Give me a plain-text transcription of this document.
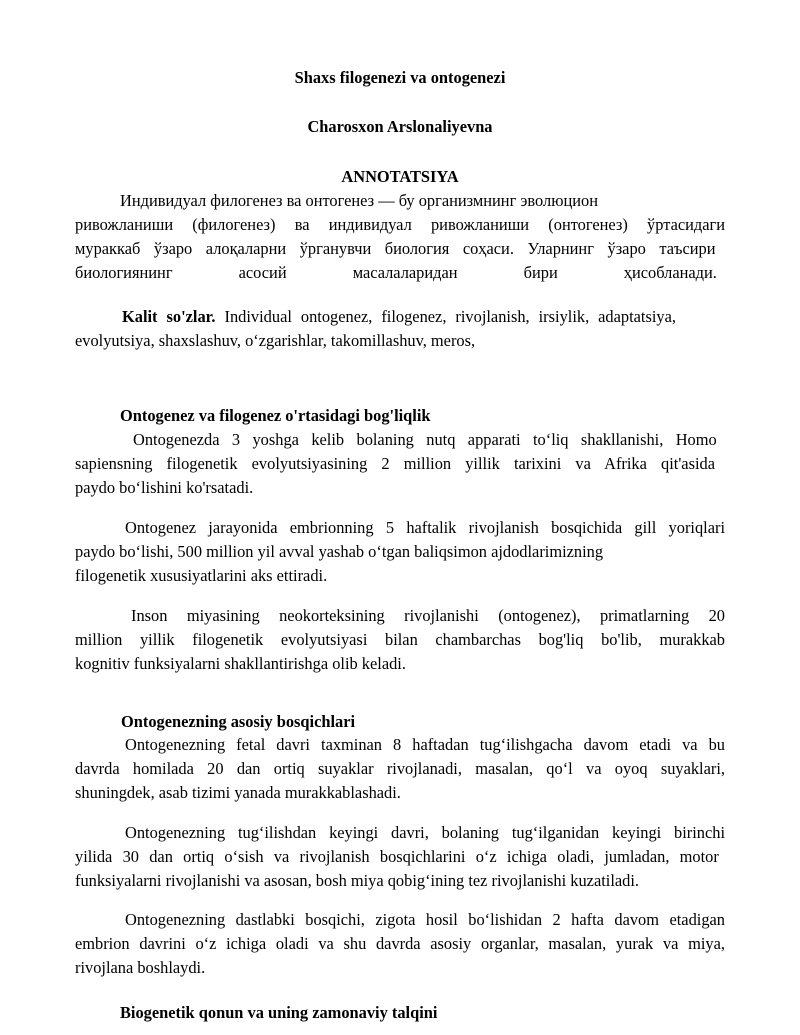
Shaxs filogenezi va ontogenezi
Charosxon Arslonaliyevna
ANNOTATSIYA
Индивидуал филогенез ва онтогенез — бу организмнинг эволюцион
ривожланиши (филогенез) ва индивидуал ривожланиши (онтогенез) ўртасидаги
мураккаб ўзаро алоқаларни ўрганувчи биология соҳаси. Уларнинг ўзаро таъсири
биологиянинг асосий масалаларидан бири ҳисобланади.
Kalit so'zlar. Individual ontogenez, filogenez, rivojlanish, irsiylik, adaptatsiya,
evolyutsiya, shaxslashuv, o‘zgarishlar, takomillashuv, meros,
Ontogenez va filogenez o'rtasidagi bog'liqlik
Ontogenezda 3 yoshga kelib bolaning nutq apparati to‘liq shakllanishi, Homo
sapiensning filogenetik evolyutsiyasining 2 million yillik tarixini va Afrika qit'asida
paydo bo‘lishini ko'rsatadi.
Ontogenez jarayonida embrionning 5 haftalik rivojlanish bosqichida gill yoriqlari
paydo bo‘lishi, 500 million yil avval yashab o‘tgan baliqsimon ajdodlarimizning
filogenetik xususiyatlarini aks ettiradi.
Inson miyasining neokorteksining rivojlanishi (ontogenez), primatlarning 20
million yillik filogenetik evolyutsiyasi bilan chambarchas bog'liq bo'lib, murakkab
kognitiv funksiyalarni shakllantirishga olib keladi.
Ontogenezning asosiy bosqichlari
Ontogenezning fetal davri taxminan 8 haftadan tug‘ilishgacha davom etadi va bu
davrda homilada 20 dan ortiq suyaklar rivojlanadi, masalan, qo‘l va oyoq suyaklari,
shuningdek, asab tizimi yanada murakkablashadi.
Ontogenezning tug‘ilishdan keyingi davri, bolaning tug‘ilganidan keyingi birinchi
yilida 30 dan ortiq o‘sish va rivojlanish bosqichlarini o‘z ichiga oladi, jumladan, motor
funksiyalarni rivojlanishi va asosan, bosh miya qobig‘ining tez rivojlanishi kuzatiladi.
Ontogenezning dastlabki bosqichi, zigota hosil bo‘lishidan 2 hafta davom etadigan
embrion davrini o‘z ichiga oladi va shu davrda asosiy organlar, masalan, yurak va miya,
rivojlana boshlaydi.
Biogenetik qonun va uning zamonaviy talqini
